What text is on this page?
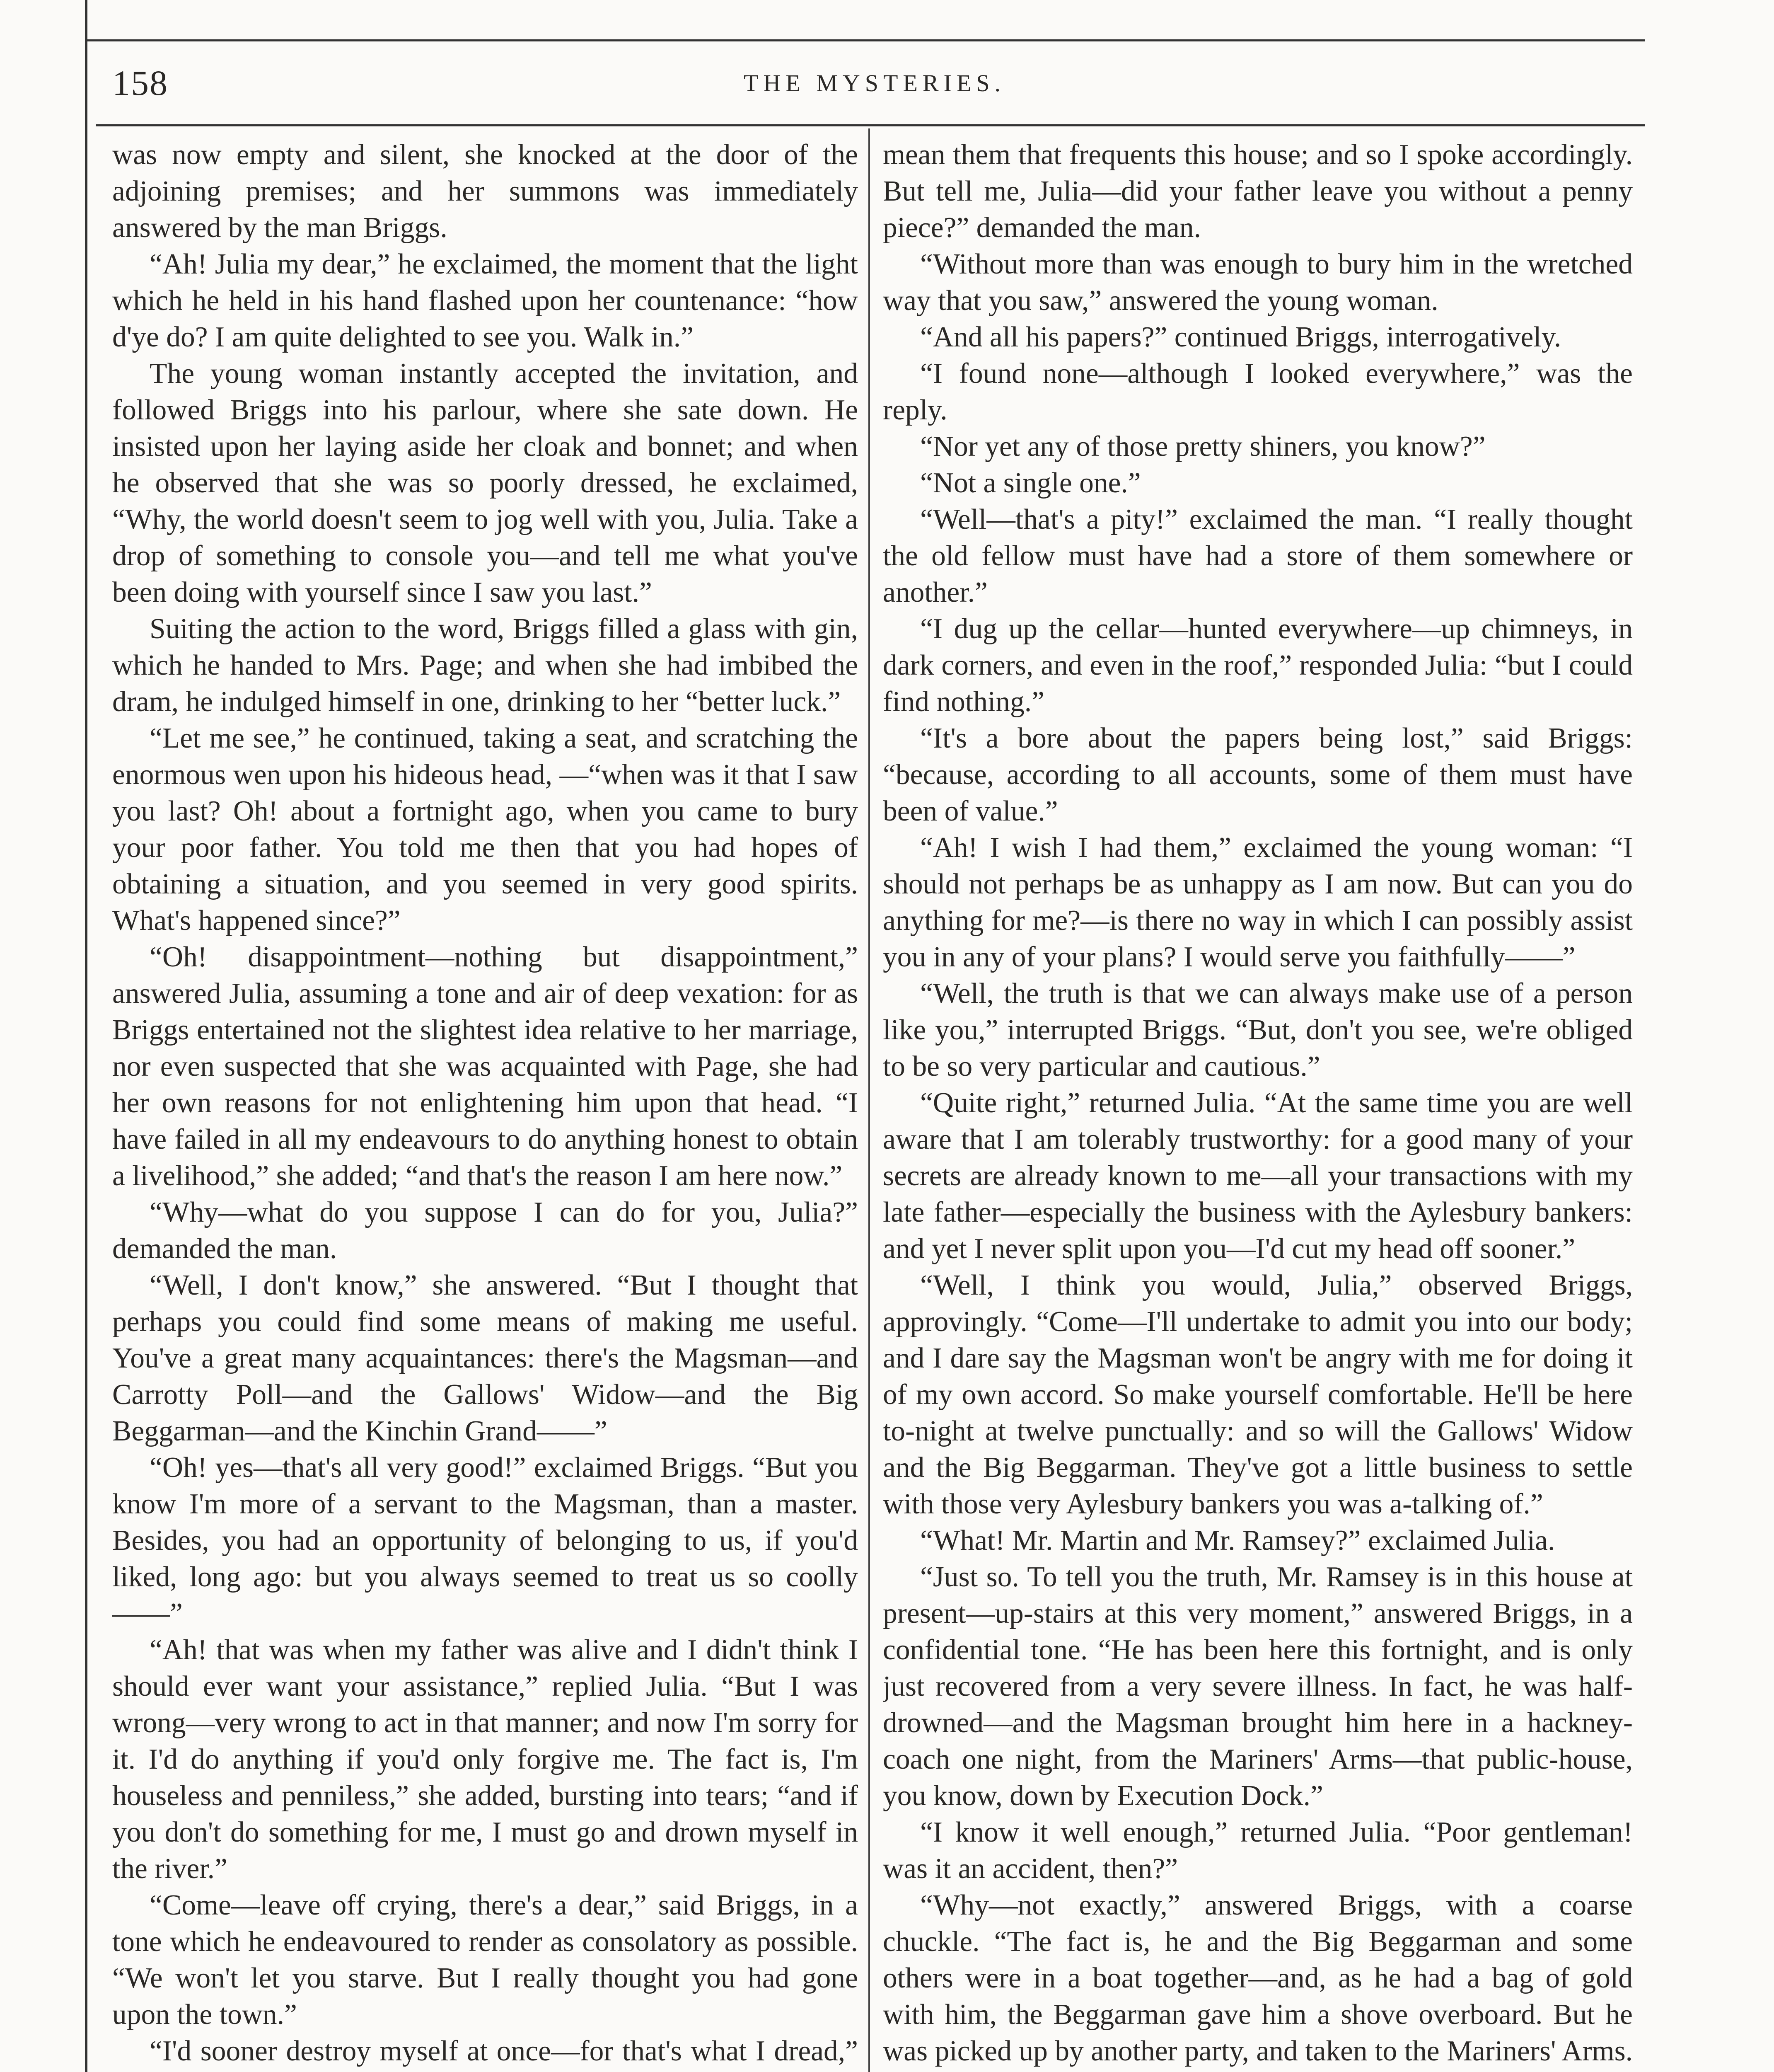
158	THE MYSTERIES.

was now empty and silent, she knocked at the door of the adjoining premises; and her summons was immediately answered by the man Briggs.

“Ah! Julia my dear,” he exclaimed, the moment that the light which he held in his hand flashed upon her countenance: “how d'ye do? I am quite delighted to see you. Walk in.”

The young woman instantly accepted the invitation, and followed Briggs into his parlour, where she sate down. He insisted upon her laying aside her cloak and bonnet; and when he observed that she was so poorly dressed, he exclaimed, “Why, the world doesn't seem to jog well with you, Julia. Take a drop of something to console you—and tell me what you've been doing with yourself since I saw you last.”

Suiting the action to the word, Briggs filled a glass with gin, which he handed to Mrs. Page; and when she had imbibed the dram, he indulged himself in one, drinking to her “better luck.”

“Let me see,” he continued, taking a seat, and scratching the enormous wen upon his hideous head, —“when was it that I saw you last? Oh! about a fortnight ago, when you came to bury your poor father. You told me then that you had hopes of obtaining a situation, and you seemed in very good spirits. What's happened since?”

“Oh! disappointment—nothing but disappointment,” answered Julia, assuming a tone and air of deep vexation: for as Briggs entertained not the slightest idea relative to her marriage, nor even suspected that she was acquainted with Page, she had her own reasons for not enlightening him upon that head. “I have failed in all my endeavours to do anything honest to obtain a livelihood,” she added; “and that's the reason I am here now.”

“Why—what do you suppose I can do for you, Julia?” demanded the man.

“Well, I don't know,” she answered. “But I thought that perhaps you could find some means of making me useful. You've a great many acquaintances: there's the Magsman—and Carrotty Poll—and the Gallows' Widow—and the Big Beggarman—and the Kinchin Grand——”

“Oh! yes—that's all very good!” exclaimed Briggs. “But you know I'm more of a servant to the Magsman, than a master. Besides, you had an opportunity of belonging to us, if you'd liked, long ago: but you always seemed to treat us so coolly——”

“Ah! that was when my father was alive and I didn't think I should ever want your assistance,” replied Julia. “But I was wrong—very wrong to act in that manner; and now I'm sorry for it. I'd do anything if you'd only forgive me. The fact is, I'm houseless and penniless,” she added, bursting into tears; “and if you don't do something for me, I must go and drown myself in the river.”

“Come—leave off crying, there's a dear,” said Briggs, in a tone which he endeavoured to render as consolatory as possible. “We won't let you starve. But I really thought you had gone upon the town.”

“I'd sooner destroy myself at once—for that's what I dread,”

mean them that frequents this house; and so I spoke accordingly. But tell me, Julia—did your father leave you without a penny piece?” demanded the man.

“Without more than was enough to bury him in the wretched way that you saw,” answered the young woman.

“And all his papers?” continued Briggs, interrogatively.

“I found none—although I looked everywhere,” was the reply.

“Nor yet any of those pretty shiners, you know?”

“Not a single one.”

“Well—that's a pity!” exclaimed the man. “I really thought the old fellow must have had a store of them somewhere or another.”

“I dug up the cellar—hunted everywhere—up chimneys, in dark corners, and even in the roof,” responded Julia: “but I could find nothing.”

“It's a bore about the papers being lost,” said Briggs: “because, according to all accounts, some of them must have been of value.”

“Ah! I wish I had them,” exclaimed the young woman: “I should not perhaps be as unhappy as I am now. But can you do anything for me?—is there no way in which I can possibly assist you in any of your plans? I would serve you faithfully——”

“Well, the truth is that we can always make use of a person like you,” interrupted Briggs. “But, don't you see, we're obliged to be so very particular and cautious.”

“Quite right,” returned Julia. “At the same time you are well aware that I am tolerably trustworthy: for a good many of your secrets are already known to me—all your transactions with my late father—especially the business with the Aylesbury bankers: and yet I never split upon you—I'd cut my head off sooner.”

“Well, I think you would, Julia,” observed Briggs, approvingly. “Come—I'll undertake to admit you into our body; and I dare say the Magsman won't be angry with me for doing it of my own accord. So make yourself comfortable. He'll be here to-night at twelve punctually: and so will the Gallows' Widow and the Big Beggarman. They've got a little business to settle with those very Aylesbury bankers you was a-talking of.”

“What! Mr. Martin and Mr. Ramsey?” exclaimed Julia.

“Just so. To tell you the truth, Mr. Ramsey is in this house at present—up-stairs at this very moment,” answered Briggs, in a confidential tone. “He has been here this fortnight, and is only just recovered from a very severe illness. In fact, he was half-drowned—and the Magsman brought him here in a hackney-coach one night, from the Mariners' Arms—that public-house, you know, down by Execution Dock.”

“I know it well enough,” returned Julia. “Poor gentleman! was it an accident, then?”

“Why—not exactly,” answered Briggs, with a coarse chuckle. “The fact is, he and the Big Beggarman and some others were in a boat together—and, as he had a bag of gold with him, the Beggarman gave him a shove overboard. But he was picked up by another party, and taken to the Mariners' Arms.
